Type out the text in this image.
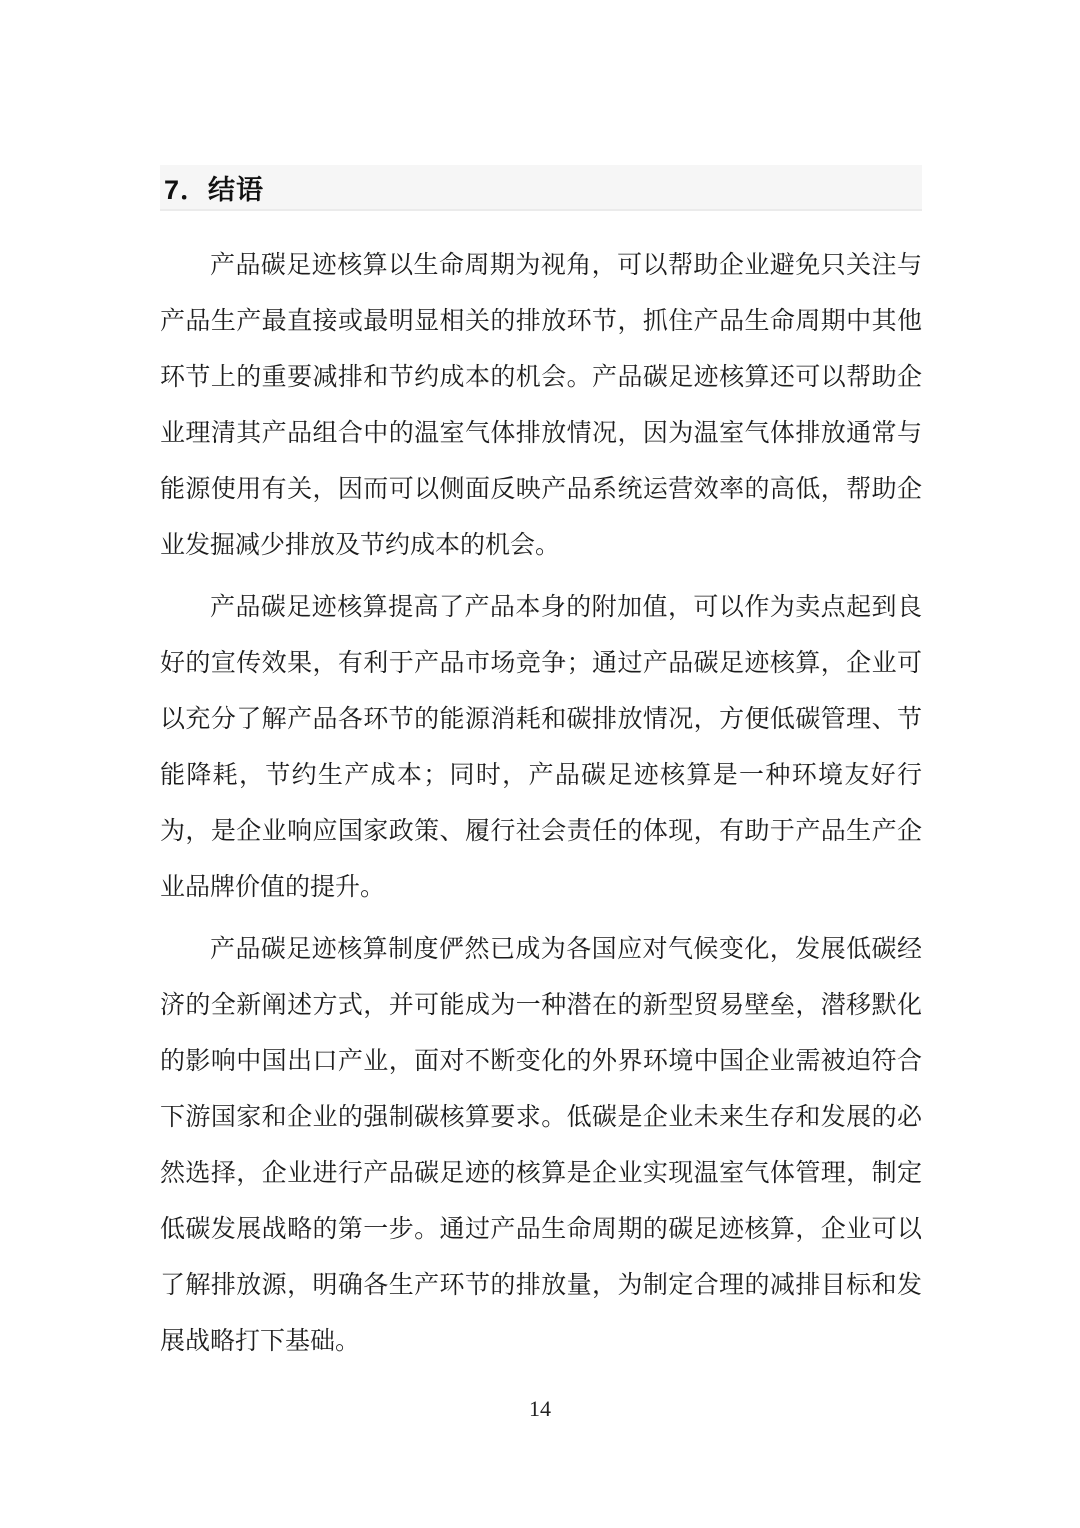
7．结语

产品碳足迹核算以生命周期为视角，可以帮助企业避免只关注与产品生产最直接或最明显相关的排放环节，抓住产品生命周期中其他环节上的重要减排和节约成本的机会。产品碳足迹核算还可以帮助企业理清其产品组合中的温室气体排放情况，因为温室气体排放通常与能源使用有关，因而可以侧面反映产品系统运营效率的高低，帮助企业发掘减少排放及节约成本的机会。

产品碳足迹核算提高了产品本身的附加值，可以作为卖点起到良好的宣传效果，有利于产品市场竞争；通过产品碳足迹核算，企业可以充分了解产品各环节的能源消耗和碳排放情况，方便低碳管理、节能降耗，节约生产成本；同时，产品碳足迹核算是一种环境友好行为，是企业响应国家政策、履行社会责任的体现，有助于产品生产企业品牌价值的提升。

产品碳足迹核算制度俨然已成为各国应对气候变化，发展低碳经济的全新阐述方式，并可能成为一种潜在的新型贸易壁垒，潜移默化的影响中国出口产业，面对不断变化的外界环境中国企业需被迫符合下游国家和企业的强制碳核算要求。低碳是企业未来生存和发展的必然选择，企业进行产品碳足迹的核算是企业实现温室气体管理，制定低碳发展战略的第一步。通过产品生命周期的碳足迹核算，企业可以了解排放源，明确各生产环节的排放量，为制定合理的减排目标和发展战略打下基础。

14
